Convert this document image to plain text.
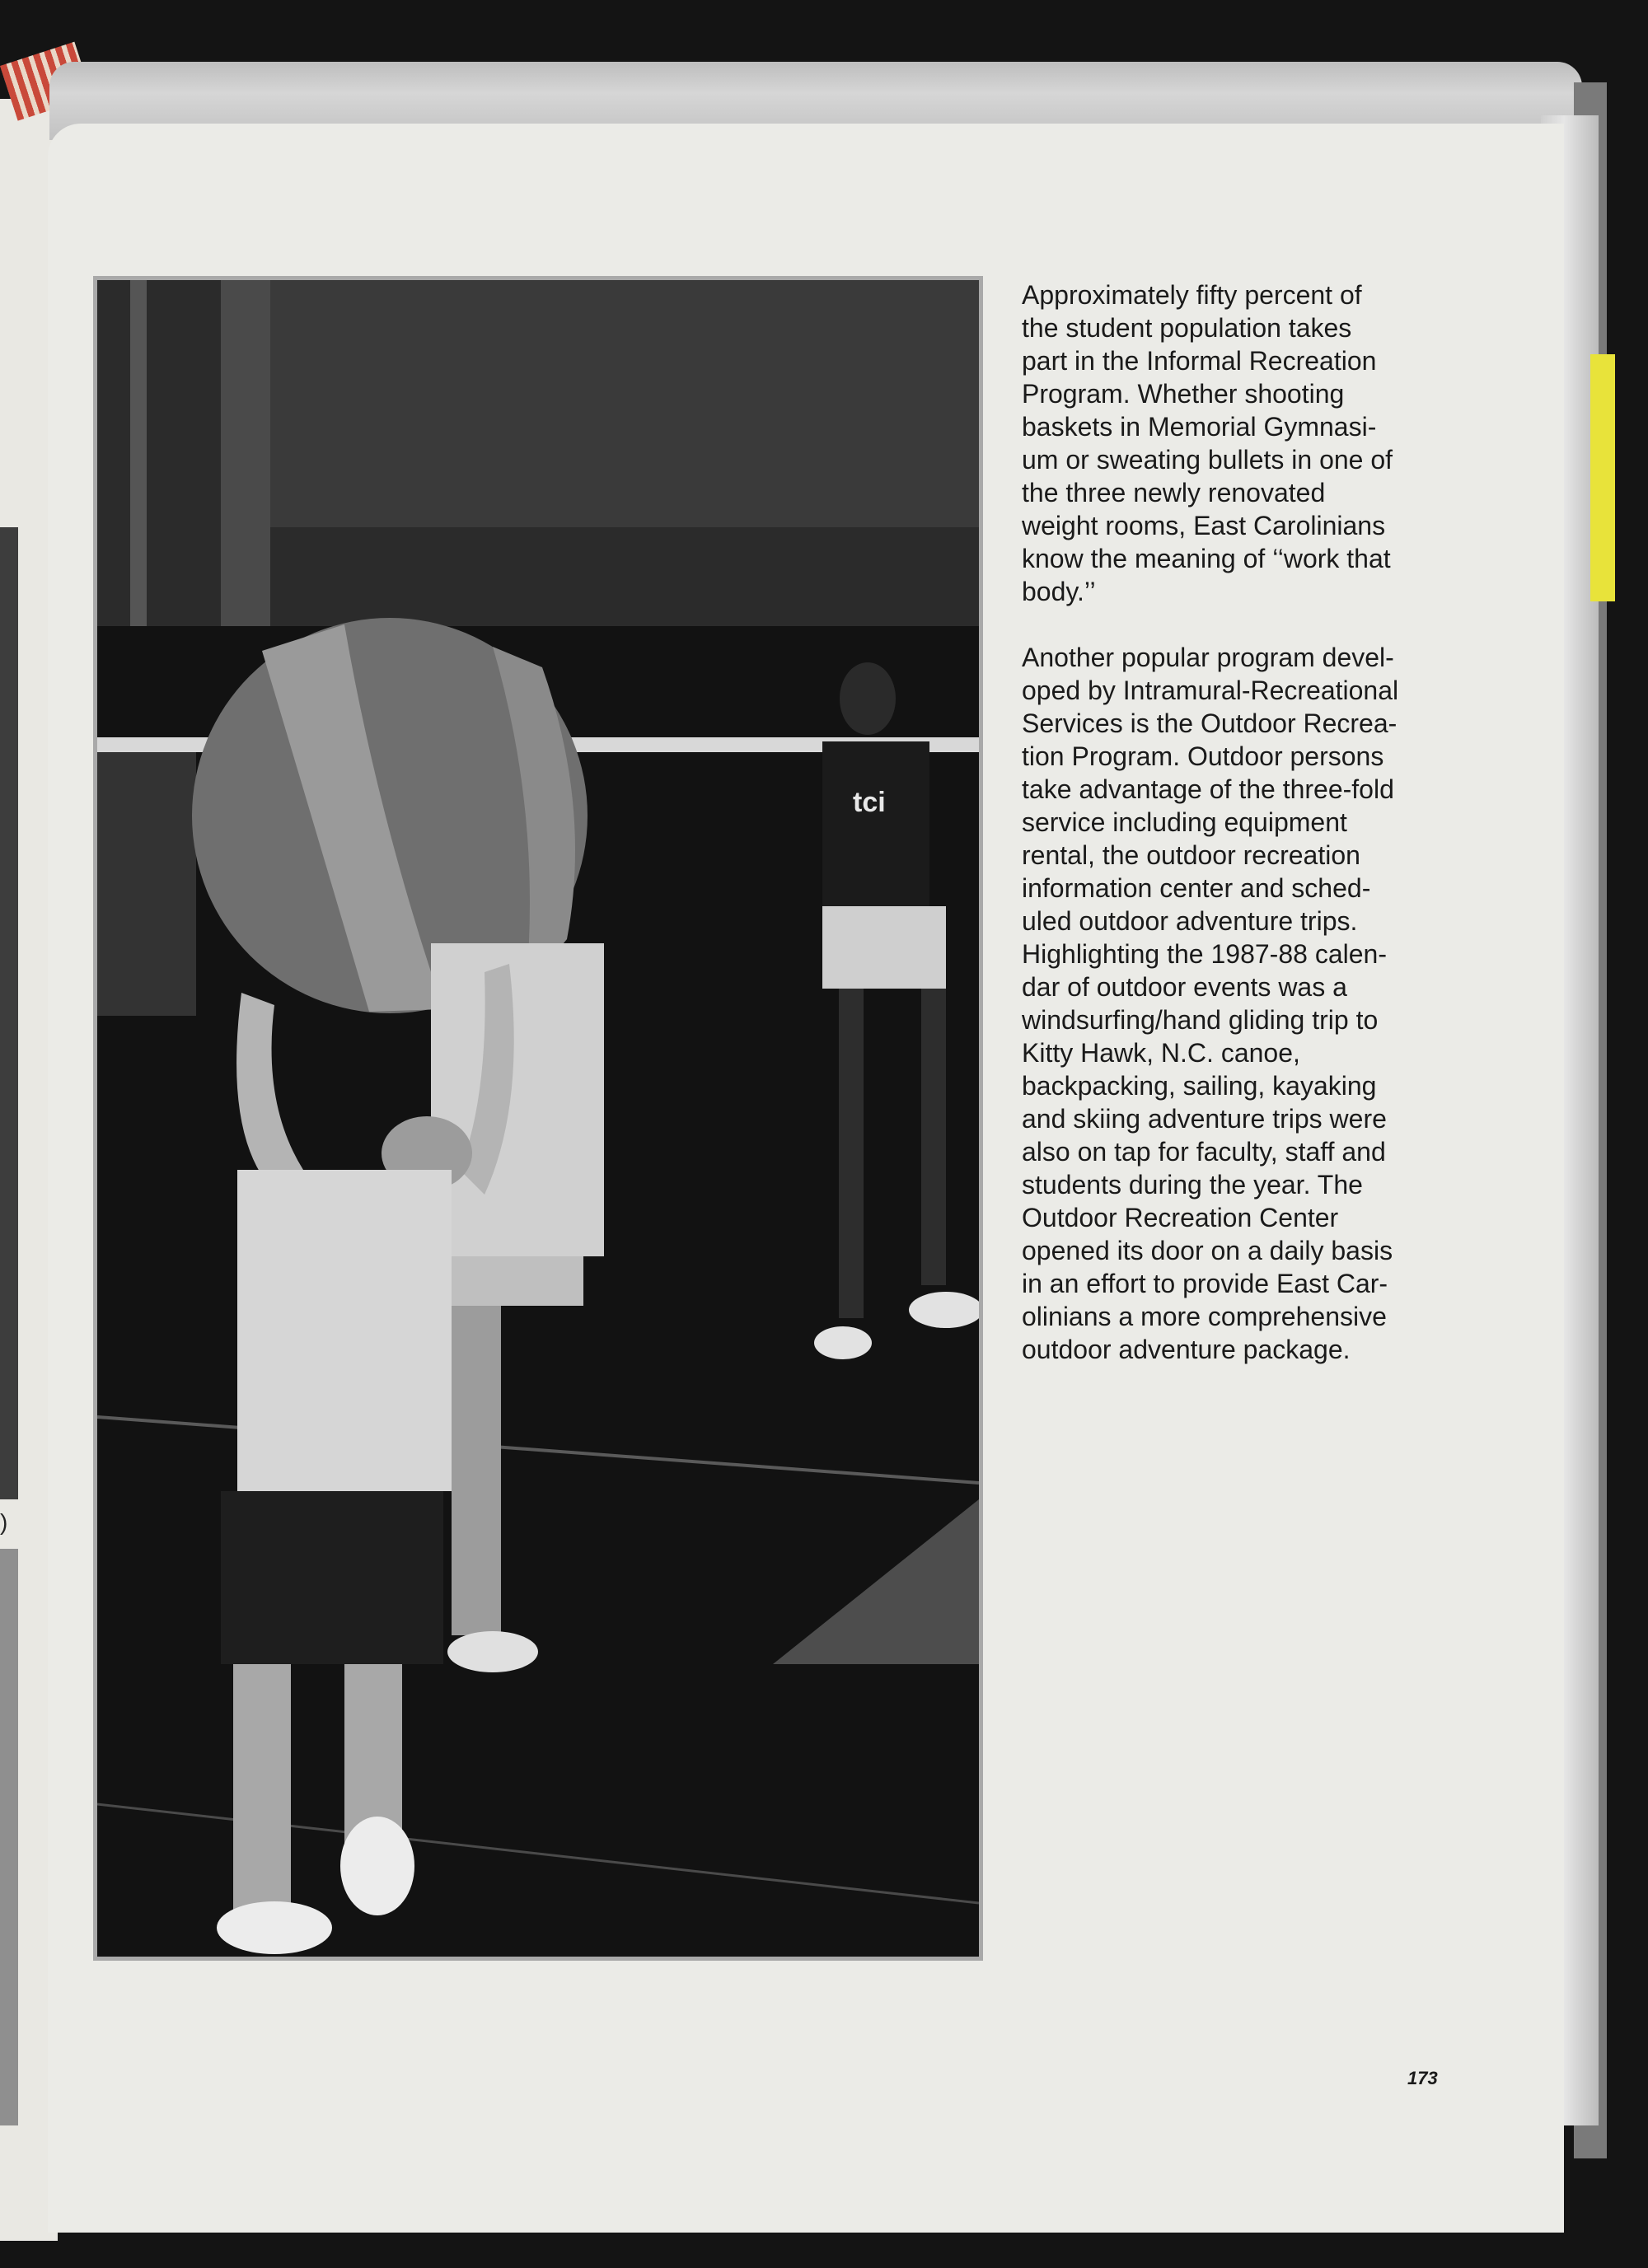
)
tci

Approximately fifty percent of
the student population takes
part in the Informal Recreation
Program. Whether shooting
baskets in Memorial Gymnasi-
um or sweating bullets in one of
the three newly renovated
weight rooms, East Carolinians
know the meaning of ‘‘work that
body.’’

Another popular program devel-
oped by Intramural-Recreational
Services is the Outdoor Recrea-
tion Program. Outdoor persons
take advantage of the three-fold
service including equipment
rental, the outdoor recreation
information center and sched-
uled outdoor adventure trips.
Highlighting the 1987-88 calen-
dar of outdoor events was a
windsurfing/hand gliding trip to
Kitty Hawk, N.C. canoe,
backpacking, sailing, kayaking
and skiing adventure trips were
also on tap for faculty, staff and
students during the year. The
Outdoor Recreation Center
opened its door on a daily basis
in an effort to provide East Car-
olinians a more comprehensive
outdoor adventure package.

173
